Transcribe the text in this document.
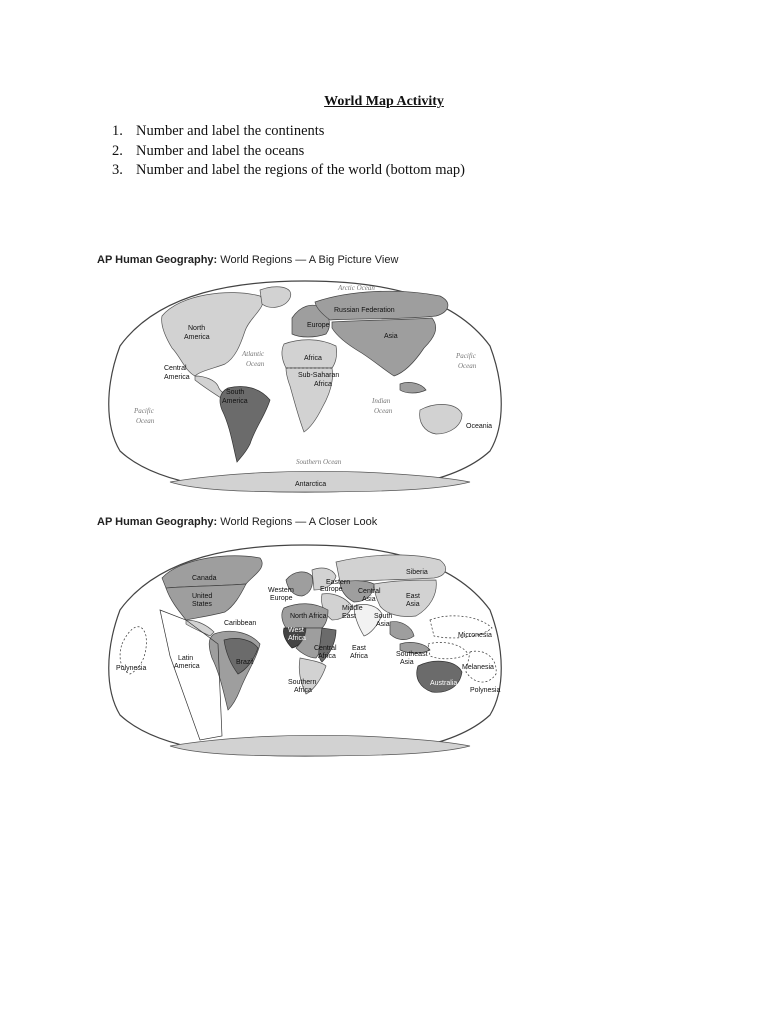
World Map Activity
1. Number and label the continents
2. Number and label the oceans
3. Number and label the regions of the world (bottom map)
AP Human Geography: World Regions — A Big Picture View
North America
Central America
South America
Europe
Russian Federation
Asia
Africa
Sub-Saharan Africa
Oceania
Antarctica
Arctic Ocean
Atlantic Ocean
Pacific Ocean
Pacific Ocean
Indian Ocean
Southern Ocean
AP Human Geography: World Regions — A Closer Look
Canada
United States
Caribbean
Latin America
Brazil
Polynesia
Western Europe
Eastern Europe
Siberia
Central Asia
Middle East	South Asia
East Asia
North Africa
West Africa
Central Africa
East Africa
Southern Africa
Southeast Asia
Micronesia
Melanesia
Australia
Polynesia
